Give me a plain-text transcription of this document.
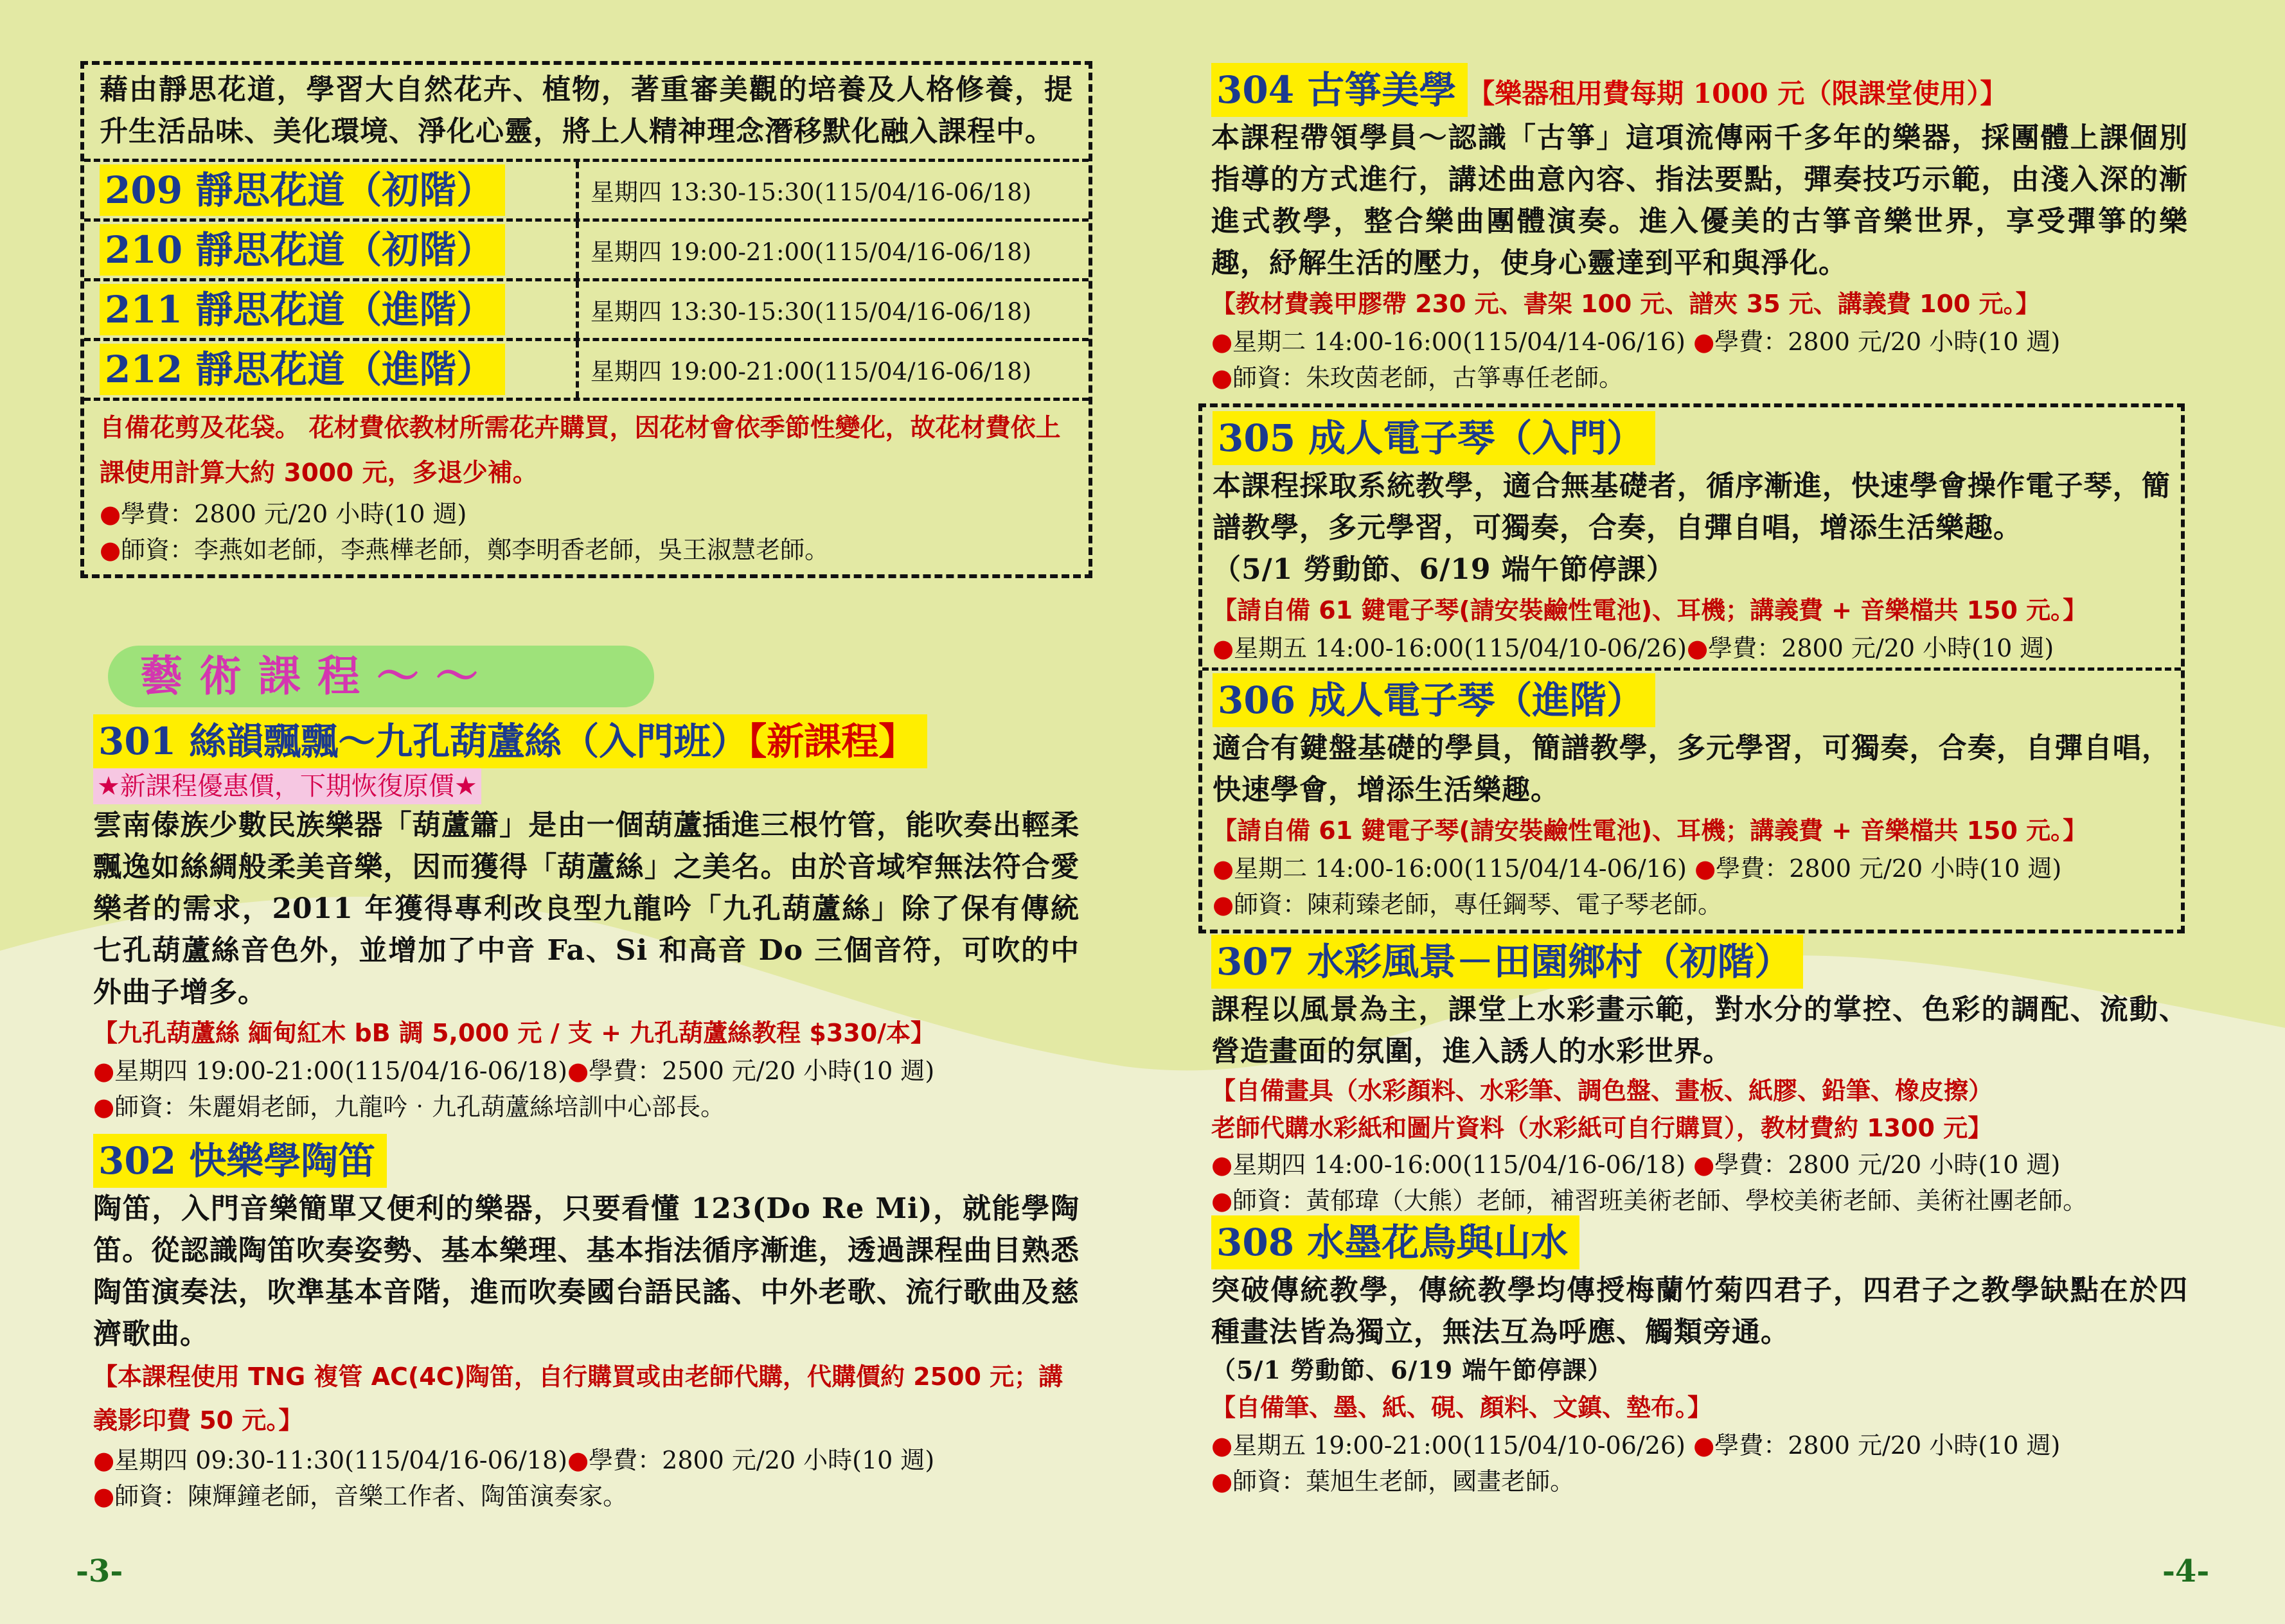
藉由靜思花道，學習大自然花卉、植物，著重審美觀的培養及人格修養，提升生活品味、美化環境、淨化心靈，將上人精神理念潛移默化融入課程中。

209 靜思花道（初階）	星期四 13:30-15:30(115/04/16-06/18)
210 靜思花道（初階）	星期四 19:00-21:00(115/04/16-06/18)
211 靜思花道（進階）	星期四 13:30-15:30(115/04/16-06/18)
212 靜思花道（進階）	星期四 19:00-21:00(115/04/16-06/18)

自備花剪及花袋。 花材費依教材所需花卉購買，因花材會依季節性變化，故花材費依上課使用計算大約 3000 元，多退少補。

●學費：2800 元/20 小時(10 週)

●師資：李燕如老師，李燕樺老師，鄭李明香老師，吳王淑慧老師。

藝術課程～～
301 絲韻飄飄～九孔葫蘆絲（入門班）【新課程】

★新課程優惠價，下期恢復原價★

雲南傣族少數民族樂器「葫蘆簫」是由一個葫蘆插進三根竹管，能吹奏出輕柔飄逸如絲綢般柔美音樂，因而獲得「葫蘆絲」之美名。由於音域窄無法符合愛樂者的需求，2011 年獲得專利改良型九龍吟「九孔葫蘆絲」除了保有傳統七孔葫蘆絲音色外，並增加了中音 Fa、Si 和高音 Do 三個音符，可吹的中外曲子增多。

【九孔葫蘆絲 緬甸紅木 bB 調 5,000 元 / 支 + 九孔葫蘆絲教程 $330/本】

●星期四 19:00-21:00(115/04/16-06/18)●學費：2500 元/20 小時(10 週)

●師資：朱麗娟老師，九龍吟‧九孔葫蘆絲培訓中心部長。

302 快樂學陶笛

陶笛，入門音樂簡單又便利的樂器，只要看懂 123(Do Re Mi)，就能學陶笛。從認識陶笛吹奏姿勢、基本樂理、基本指法循序漸進，透過課程曲目熟悉陶笛演奏法，吹準基本音階，進而吹奏國台語民謠、中外老歌、流行歌曲及慈濟歌曲。

【本課程使用 TNG 複管 AC(4C)陶笛，自行購買或由老師代購，代購價約 2500 元；講義影印費 50 元。】

●星期四 09:30-11:30(115/04/16-06/18)●學費：2800 元/20 小時(10 週)

●師資：陳輝鐘老師，音樂工作者、陶笛演奏家。

-3-
304 古箏美學 【樂器租用費每期 1000 元（限課堂使用）】

本課程帶領學員～認識「古箏」這項流傳兩千多年的樂器，採團體上課個別指導的方式進行，講述曲意內容、指法要點，彈奏技巧示範，由淺入深的漸進式教學，整合樂曲團體演奏。進入優美的古箏音樂世界，享受彈箏的樂趣，紓解生活的壓力，使身心靈達到平和與淨化。

【教材費義甲膠帶 230 元、書架 100 元、譜夾 35 元、講義費 100 元。】

●星期二 14:00-16:00(115/04/14-06/16) ●學費：2800 元/20 小時(10 週)

●師資：朱玫茵老師，古箏專任老師。

305 成人電子琴（入門）

本課程採取系統教學，適合無基礎者，循序漸進，快速學會操作電子琴，簡譜教學，多元學習，可獨奏，合奏，自彈自唱，增添生活樂趣。

（5/1 勞動節、6/19 端午節停課）

【請自備 61 鍵電子琴(請安裝鹼性電池)、耳機；講義費 + 音樂檔共 150 元。】

●星期五 14:00-16:00(115/04/10-06/26)●學費：2800 元/20 小時(10 週)

306 成人電子琴（進階）

適合有鍵盤基礎的學員，簡譜教學，多元學習，可獨奏，合奏，自彈自唱，快速學會，增添生活樂趣。

【請自備 61 鍵電子琴(請安裝鹼性電池)、耳機；講義費 + 音樂檔共 150 元。】

●星期二 14:00-16:00(115/04/14-06/16) ●學費：2800 元/20 小時(10 週)

●師資：陳莉臻老師，專任鋼琴、電子琴老師。

307 水彩風景－田園鄉村（初階）

課程以風景為主，課堂上水彩畫示範，對水分的掌控、色彩的調配、流動、營造畫面的氛圍，進入誘人的水彩世界。

【自備畫具（水彩顏料、水彩筆、調色盤、畫板、紙膠、鉛筆、橡皮擦）

老師代購水彩紙和圖片資料（水彩紙可自行購買），教材費約 1300 元】

●星期四 14:00-16:00(115/04/16-06/18) ●學費：2800 元/20 小時(10 週)

●師資：黃郁瑋（大熊）老師，補習班美術老師、學校美術老師、美術社團老師。

308 水墨花鳥與山水

突破傳統教學，傳統教學均傳授梅蘭竹菊四君子，四君子之教學缺點在於四種畫法皆為獨立，無法互為呼應、觸類旁通。

（5/1 勞動節、6/19 端午節停課）

【自備筆、墨、紙、硯、顏料、文鎮、墊布。】

●星期五 19:00-21:00(115/04/10-06/26) ●學費：2800 元/20 小時(10 週)

●師資：葉旭生老師，國畫老師。

-4-
